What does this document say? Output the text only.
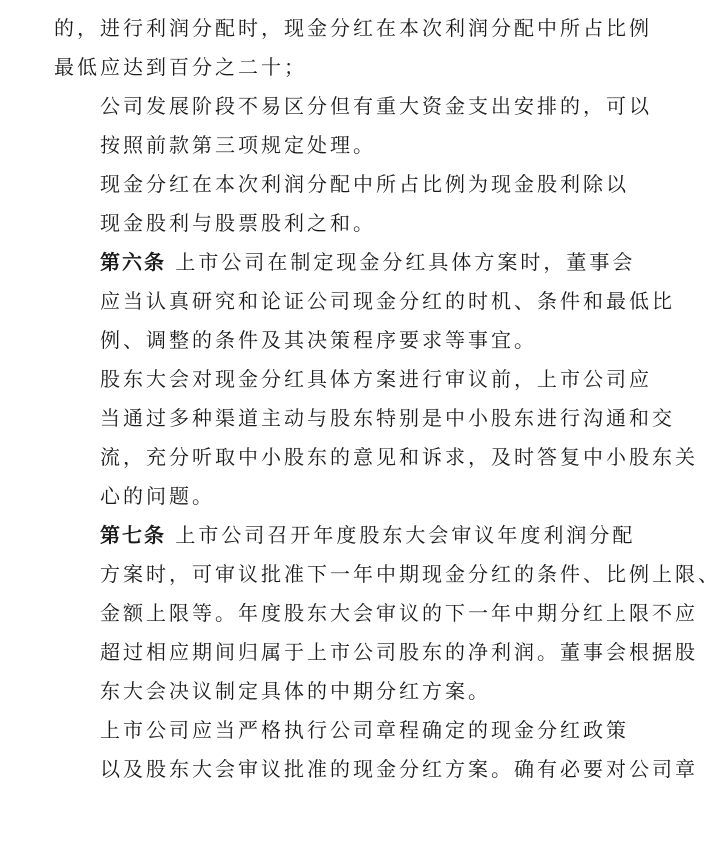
的，进行利润分配时，现金分红在本次利润分配中所占比例
最低应达到百分之二十；

公司发展阶段不易区分但有重大资金支出安排的，可以
按照前款第三项规定处理。

现金分红在本次利润分配中所占比例为现金股利除以
现金股利与股票股利之和。

第六条 上市公司在制定现金分红具体方案时，董事会
应当认真研究和论证公司现金分红的时机、条件和最低比
例、调整的条件及其决策程序要求等事宜。

股东大会对现金分红具体方案进行审议前，上市公司应
当通过多种渠道主动与股东特别是中小股东进行沟通和交
流，充分听取中小股东的意见和诉求，及时答复中小股东关
心的问题。

第七条 上市公司召开年度股东大会审议年度利润分配
方案时，可审议批准下一年中期现金分红的条件、比例上限、
金额上限等。年度股东大会审议的下一年中期分红上限不应
超过相应期间归属于上市公司股东的净利润。董事会根据股
东大会决议制定具体的中期分红方案。

上市公司应当严格执行公司章程确定的现金分红政策
以及股东大会审议批准的现金分红方案。确有必要对公司章
